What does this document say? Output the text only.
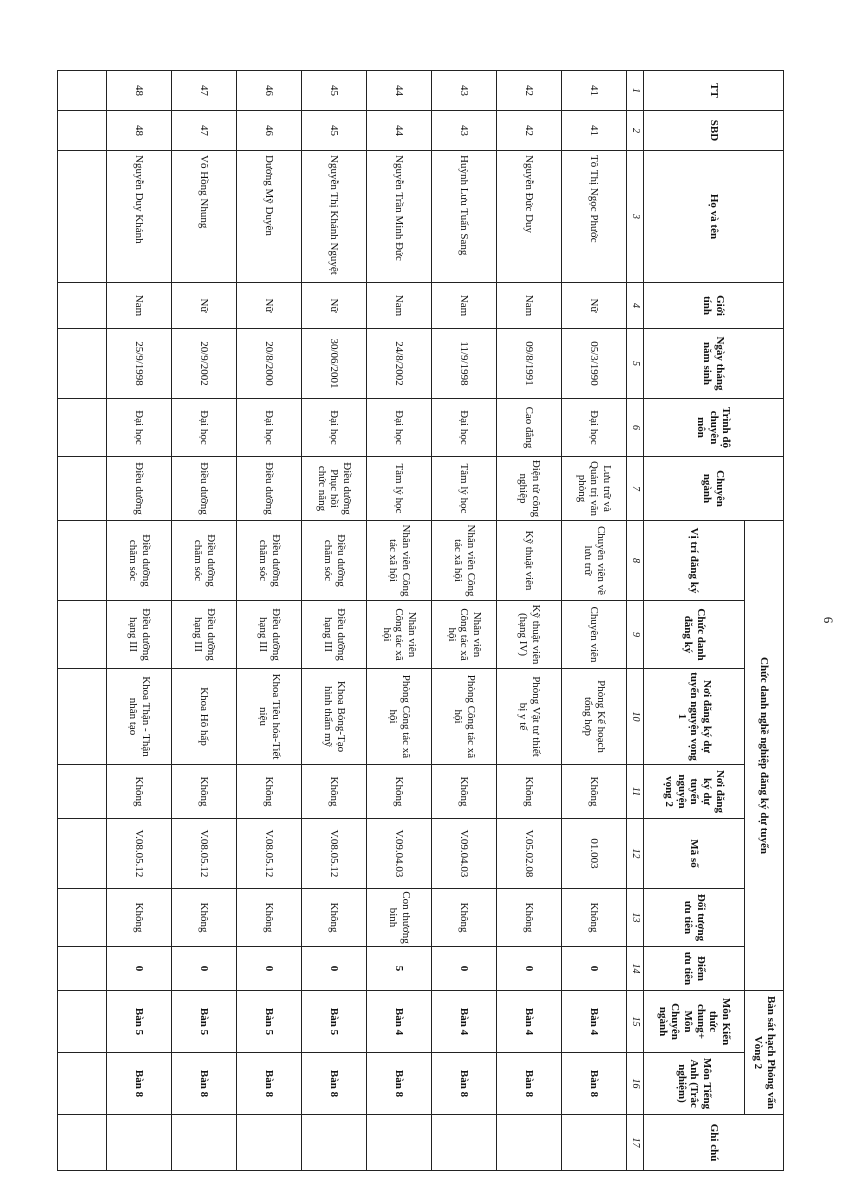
6
TT	SBD	Họ và tên	Giới tính	Ngày tháng năm sinh	Trình độ chuyên môn	Chuyên ngành	Chức danh nghề nghiệp đăng ký dự tuyển							Bàn sát hạch Phỏng vấn Vòng 2		Ghi chú
							Vị trí đăng ký	Chức danh đăng ký	Nơi đăng ký dự tuyển nguyện vọng 1	Nơi đăng ký dự tuyển nguyện vọng 2	Mã số	Đối tượng ưu tiên	Điểm ưu tiên	Môn Kiến thức chung+ Môn Chuyên ngành	Môn Tiếng Anh (Trắc nghiệm)	
1	2	3	4	5	6	7	8	9	10	11	12	13	14	15	16	17
41	41	Tô Thị Ngọc Phước	Nữ	05/3/1990	Đại học	Lưu trữ và Quản trị văn phòng	Chuyên viên về lưu trữ	Chuyên viên	Phòng Kế hoạch tổng hợp	Không	01.003	Không	0	Bàn 4	Bàn 8	
42	42	Nguyễn Đức Duy	Nam	09/8/1991	Cao đẳng	Điện tử công nghiệp	Kỹ thuật viên	Kỹ thuật viên (hạng IV)	Phòng Vật tư thiết bị y tế	Không	V.05.02.08	Không	0	Bàn 4	Bàn 8	
43	43	Huỳnh Lưu Tuấn Sang	Nam	11/9/1998	Đại học	Tâm lý học	Nhân viên Công tác xã hội	Nhân viên Công tác xã hội	Phòng Công tác xã hội	Không	V.09.04.03	Không	0	Bàn 4	Bàn 8	
44	44	Nguyễn Trần Minh Đức	Nam	24/8/2002	Đại học	Tâm lý học	Nhân viên Công tác xã hội	Nhân viên Công tác xã hội	Phòng Công tác xã hội	Không	V.09.04.03	Con thương binh	5	Bàn 4	Bàn 8	
45	45	Nguyễn Thị Khánh Nguyệt	Nữ	30/06/2001	Đại học	Điều dưỡng Phục hồi chức năng	Điều dưỡng chăm sóc	Điều dưỡng hạng III	Khoa Bỏng-Tạo hình thẩm mỹ	Không	V.08.05.12	Không	0	Bàn 5	Bàn 8	
46	46	Dương Mỹ Duyên	Nữ	20/8/2000	Đại học	Điều dưỡng	Điều dưỡng chăm sóc	Điều dưỡng hạng III	Khoa Tiêu hóa-Tiết niệu	Không	V.08.05.12	Không	0	Bàn 5	Bàn 8	
47	47	Võ Hồng Nhung	Nữ	20/9/2002	Đại học	Điều dưỡng	Điều dưỡng chăm sóc	Điều dưỡng hạng III	Khoa Hô hấp	Không	V.08.05.12	Không	0	Bàn 5	Bàn 8	
48	48	Nguyễn Duy Khánh	Nam	25/9/1998	Đại học	Điều dưỡng	Điều dưỡng chăm sóc	Điều dưỡng hạng III	Khoa Thận - Thận nhân tạo	Không	V.08.05.12	Không	0	Bàn 5	Bàn 8	
